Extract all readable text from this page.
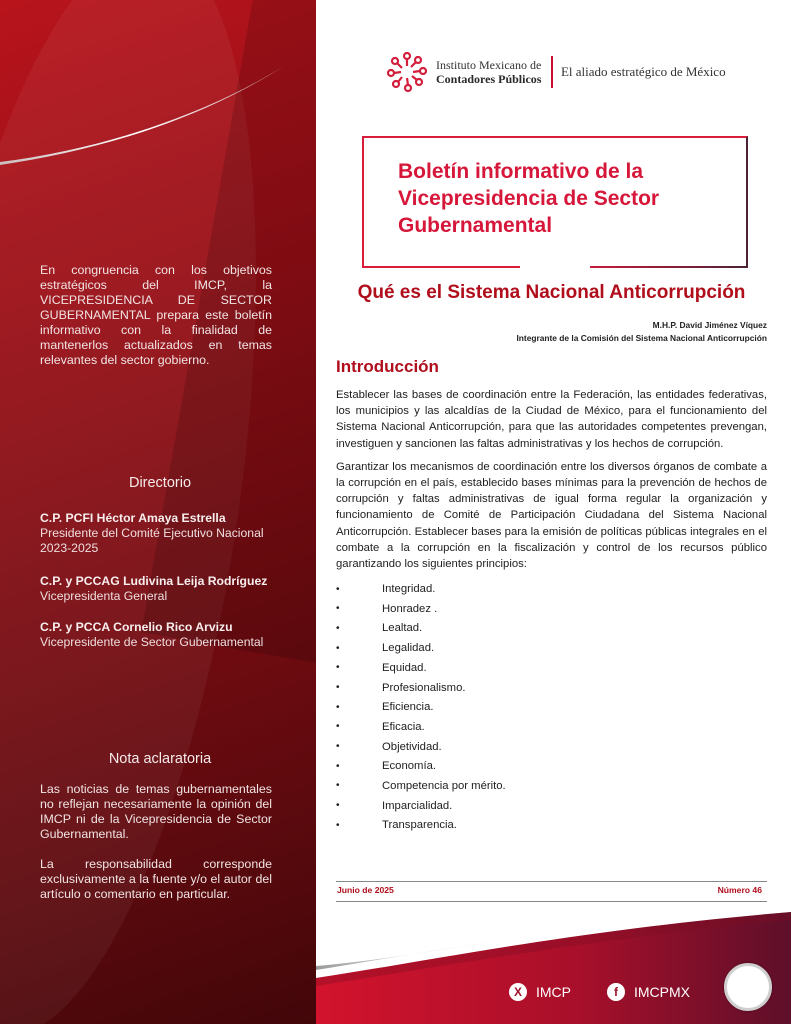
En congruencia con los objetivos estratégicos del IMCP, la VICEPRESIDENCIA DE SECTOR GUBERNAMENTAL prepara este boletín informativo con la finalidad de mantenerlos actualizados en temas relevantes del sector gobierno.

Directorio
C.P. PCFI Héctor Amaya Estrella
Presidente del Comité Ejecutivo Nacional
2023-2025
C.P. y PCCAG Ludivina Leija Rodríguez
Vicepresidenta General
C.P. y PCCA Cornelio Rico Arvizu
Vicepresidente de Sector Gubernamental
Nota aclaratoria

Las noticias de temas gubernamentales no reflejan necesariamente la opinión del IMCP ni de la Vicepresidencia de Sector Gubernamental.

La responsabilidad corresponde exclusivamente a la fuente y/o el autor del artículo o comentario en particular.

Instituto Mexicano de
Contadores Públicos El aliado estratégico de México
Boletín informativo de la Vicepresidencia de Sector Gubernamental
Qué es el Sistema Nacional Anticorrupción
M.H.P. David Jiménez Víquez
Integrante de la Comisión del Sistema Nacional Anticorrupción
Introducción

Establecer las bases de coordinación entre la Federación, las entidades federativas, los municipios y las alcaldías de la Ciudad de México, para el funcionamiento del Sistema Nacional Anticorrupción, para que las autoridades competentes prevengan, investiguen y sancionen las faltas administrativas y los hechos de corrupción.

Garantizar los mecanismos de coordinación entre los diversos órganos de combate a la corrupción en el país, establecido bases mínimas para la prevención de hechos de corrupción y faltas administrativas de igual forma regular la organización y funcionamiento de Comité de Participación Ciudadana del Sistema Nacional Anticorrupción. Establecer bases para la emisión de políticas públicas integrales en el combate a la corrupción en la fiscalización y control de los recursos público garantizando los siguientes principios:

•	Integridad.
•	Honradez .
•	Lealtad.
•	Legalidad.
•	Equidad.
•	Profesionalismo.
•	Eficiencia.
•	Eficacia.
•	Objetividad.
•	Economía.
•	Competencia por mérito.
•	Imparcialidad.
•	Transparencia.
Junio de 2025	Número 46
X	IMCP	f	IMCPMX
